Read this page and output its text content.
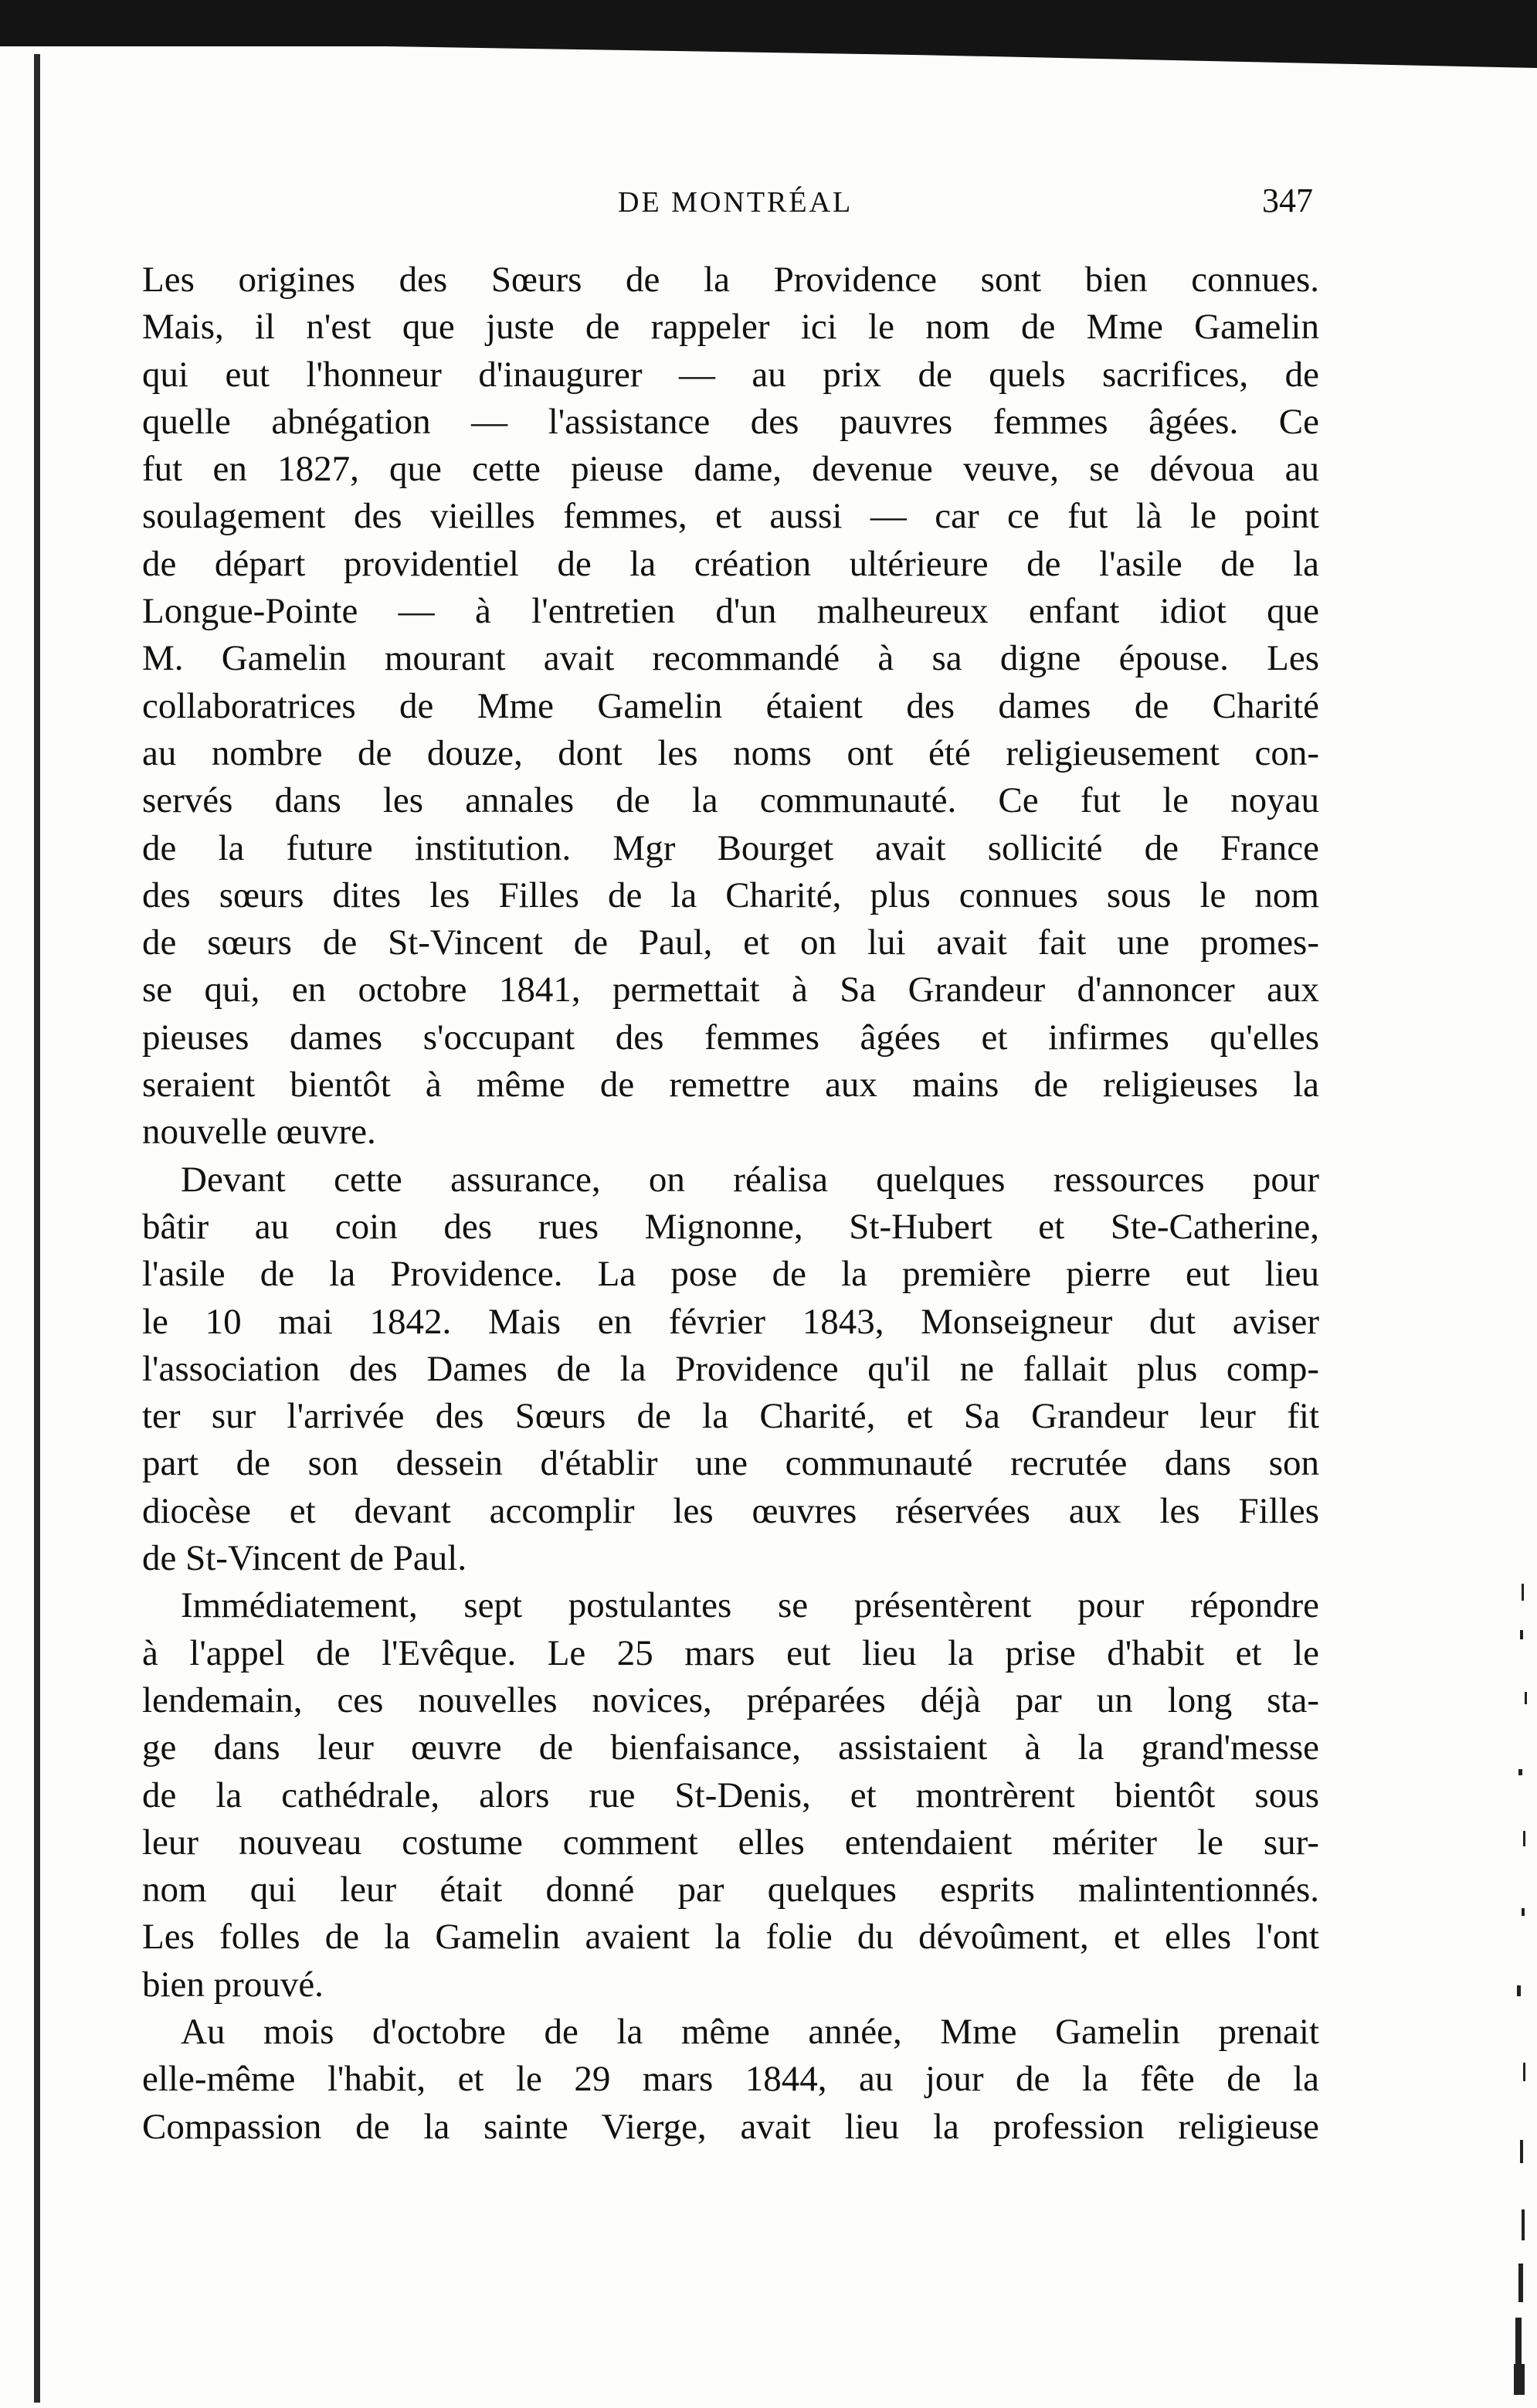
DE MONTRÉAL	347
Les origines des Sœurs de la Providence sont bien connues.
Mais, il n'est que juste de rappeler ici le nom de Mme Gamelin
qui eut l'honneur d'inaugurer — au prix de quels sacrifices, de
quelle abnégation — l'assistance des pauvres femmes âgées. Ce
fut en 1827, que cette pieuse dame, devenue veuve, se dévoua au
soulagement des vieilles femmes, et aussi — car ce fut là le point
de départ providentiel de la création ultérieure de l'asile de la
Longue-Pointe — à l'entretien d'un malheureux enfant idiot que
M. Gamelin mourant avait recommandé à sa digne épouse. Les
collaboratrices de Mme Gamelin étaient des dames de Charité
au nombre de douze, dont les noms ont été religieusement con-
servés dans les annales de la communauté. Ce fut le noyau
de la future institution. Mgr Bourget avait sollicité de France
des sœurs dites les Filles de la Charité, plus connues sous le nom
de sœurs de St-Vincent de Paul, et on lui avait fait une promes-
se qui, en octobre 1841, permettait à Sa Grandeur d'annoncer aux
pieuses dames s'occupant des femmes âgées et infirmes qu'elles
seraient bientôt à même de remettre aux mains de religieuses la
nouvelle œuvre.
Devant cette assurance, on réalisa quelques ressources pour
bâtir au coin des rues Mignonne, St-Hubert et Ste-Catherine,
l'asile de la Providence. La pose de la première pierre eut lieu
le 10 mai 1842. Mais en février 1843, Monseigneur dut aviser
l'association des Dames de la Providence qu'il ne fallait plus comp-
ter sur l'arrivée des Sœurs de la Charité, et Sa Grandeur leur fit
part de son dessein d'établir une communauté recrutée dans son
diocèse et devant accomplir les œuvres réservées aux les Filles
de St-Vincent de Paul.
Immédiatement, sept postulantes se présentèrent pour répondre
à l'appel de l'Evêque. Le 25 mars eut lieu la prise d'habit et le
lendemain, ces nouvelles novices, préparées déjà par un long sta-
ge dans leur œuvre de bienfaisance, assistaient à la grand'messe
de la cathédrale, alors rue St-Denis, et montrèrent bientôt sous
leur nouveau costume comment elles entendaient mériter le sur-
nom qui leur était donné par quelques esprits malintentionnés.
Les folles de la Gamelin avaient la folie du dévoûment, et elles l'ont
bien prouvé.
Au mois d'octobre de la même année, Mme Gamelin prenait
elle-même l'habit, et le 29 mars 1844, au jour de la fête de la
Compassion de la sainte Vierge, avait lieu la profession religieuse
